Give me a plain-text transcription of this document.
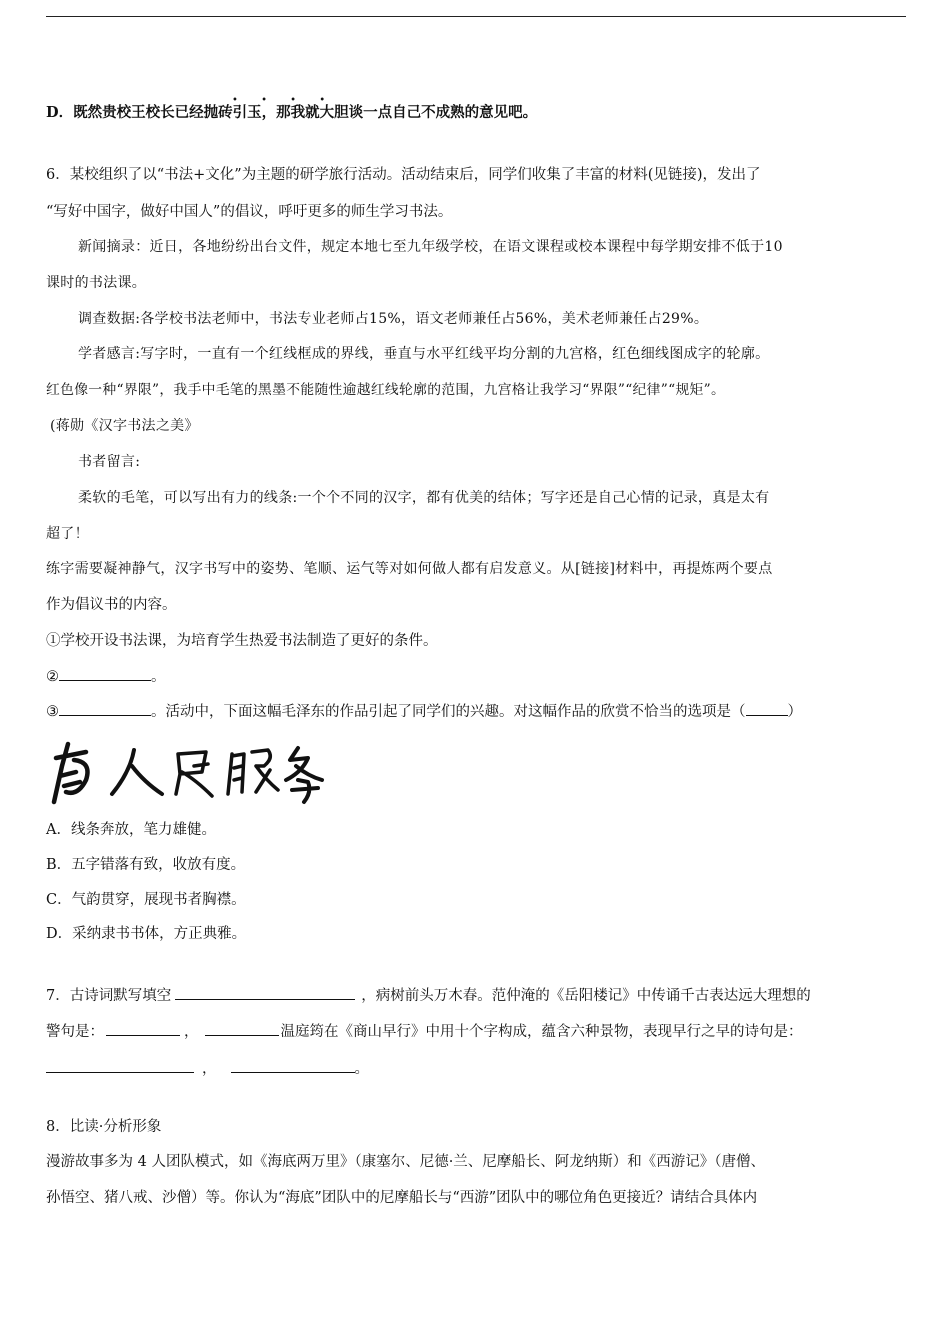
D．既然贵校王校长已经抛砖引玉，那我就大胆谈一点自己不成熟的意见吧。
• • • •
6．某校组织了以“书法+文化”为主题的研学旅行活动。活动结束后，同学们收集了丰富的材料(见链接)，发出了
“写好中国字，做好中国人”的倡议，呼吁更多的师生学习书法。
新闻摘录：近日，各地纷纷出台文件，规定本地七至九年级学校，在语文课程或校本课程中每学期安排不低于10
课时的书法课。
调查数据:各学校书法老师中，书法专业老师占15%，语文老师兼任占56%，美术老师兼任占29%。
学者感言:写字时，一直有一个红线框成的界线，垂直与水平红线平均分割的九宫格，红色细线图成字的轮廓。
红色像一种“界限”，我手中毛笔的黑墨不能随性逾越红线轮廓的范围，九宫格让我学习“界限”“纪律”“规矩”。
(蒋勋《汉字书法之美》
书者留言:
柔软的毛笔，可以写出有力的线条:一个个不同的汉字，都有优美的结体；写字还是自己心情的记录，真是太有
超了！
练字需要凝神静气，汉字书写中的姿势、笔顺、运气等对如何做人都有启发意义。从[链接]材料中，再提炼两个要点
作为倡议书的内容。
①学校开设书法课，为培育学生热爱书法制造了更好的条件。
②	。
③	。活动中，下面这幅毛泽东的作品引起了同学们的兴趣。对这幅作品的欣赏不恰当的选项是（	）
A．线条奔放，笔力雄健。
B．五字错落有致，收放有度。
C．气韵贯穿，展现书者胸襟。
D．采纳隶书书体，方正典雅。
7．古诗词默写填空	，病树前头万木春。范仲淹的《岳阳楼记》中传诵千古表达远大理想的
警句是：	，	温庭筠在《商山早行》中用十个字构成，蕴含六种景物，表现早行之早的诗句是：
，	。
8．比读·分析形象
漫游故事多为 4 人团队模式，如《海底两万里》（康塞尔、尼德·兰、尼摩船长、阿龙纳斯）和《西游记》（唐僧、
孙悟空、猪八戒、沙僧）等。你认为“海底”团队中的尼摩船长与“西游”团队中的哪位角色更接近？请结合具体内
